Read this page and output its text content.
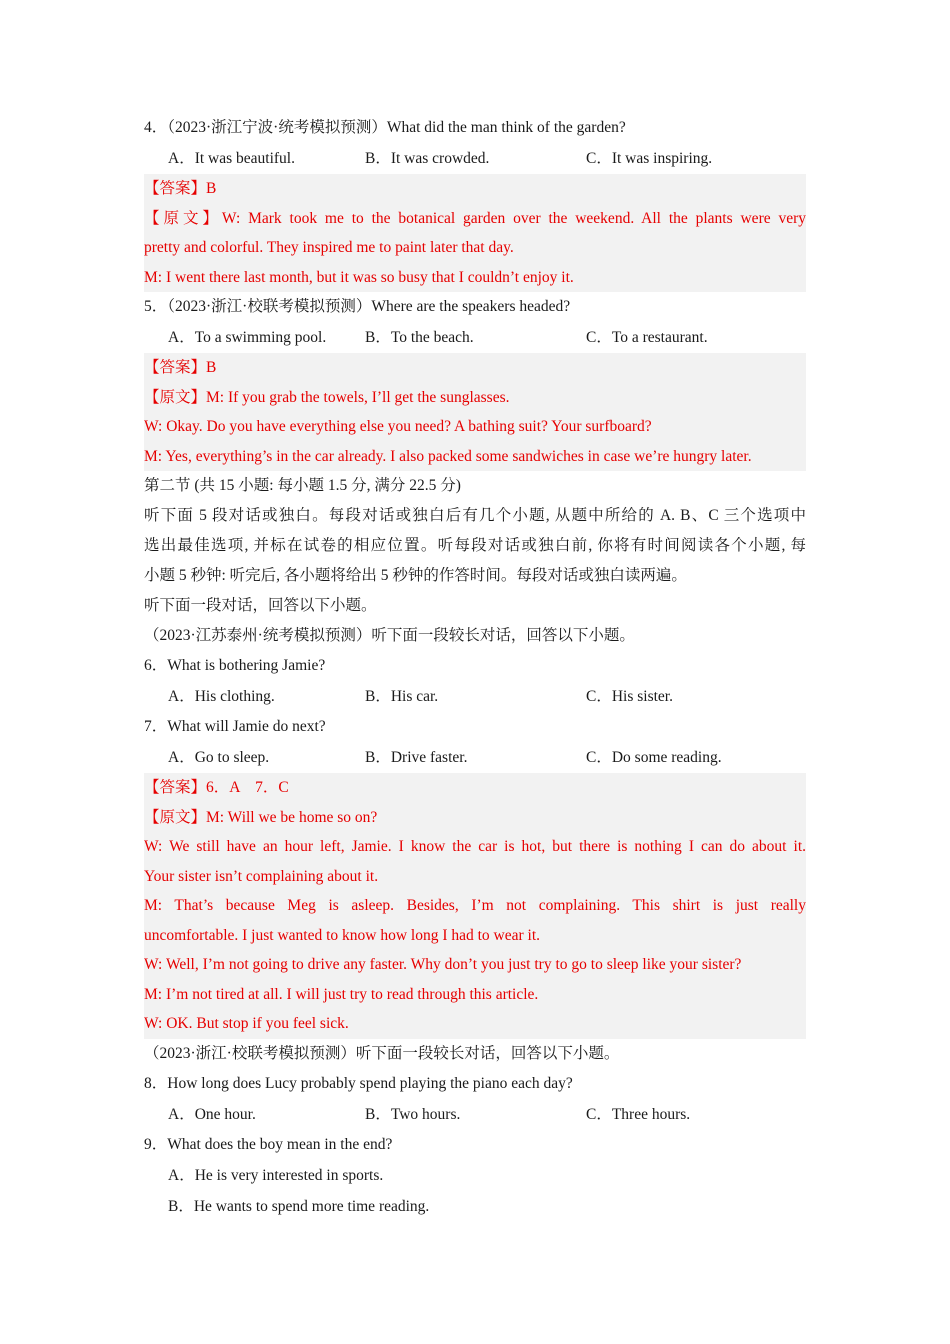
4．（2023·浙江宁波·统考模拟预测）What did the man think of the garden?
A．It was beautiful.	B．It was crowded.	C．It was inspiring.
【答案】B
【原文】W: Mark took me to the botanical garden over the weekend. All the plants were very
pretty and colorful. They inspired me to paint later that day.
M: I went there last month, but it was so busy that I couldn’t enjoy it.
5．（2023·浙江·校联考模拟预测）Where are the speakers headed?
A．To a swimming pool.	B．To the beach.	C．To a restaurant.
【答案】B
【原文】M: If you grab the towels, I’ll get the sunglasses.
W: Okay. Do you have everything else you need? A bathing suit? Your surfboard?
M: Yes, everything’s in the car already. I also packed some sandwiches in case we’re hungry later.
第二节 (共 15 小题: 每小题 1.5 分, 满分 22.5 分)
听下面 5 段对话或独白。每段对话或独白后有几个小题, 从题中所给的 A. B、C 三个选项中
选出最佳选项, 并标在试卷的相应位置。听每段对话或独白前, 你将有时间阅读各个小题, 每
小题 5 秒钟: 听完后, 各小题将给出 5 秒钟的作答时间。每段对话或独白读两遍。
听下面一段对话，回答以下小题。
（2023·江苏泰州·统考模拟预测）听下面一段较长对话，回答以下小题。
6．What is bothering Jamie?
A．His clothing.	B．His car.	C．His sister.
7．What will Jamie do next?
A．Go to sleep.	B．Drive faster.	C．Do some reading.
【答案】6．A　7．C
【原文】M: Will we be home so on?
W: We still have an hour left, Jamie. I know the car is hot, but there is nothing I can do about it.
Your sister isn’t complaining about it.
M: That’s because Meg is asleep. Besides, I’m not complaining. This shirt is just really
uncomfortable. I just wanted to know how long I had to wear it.
W: Well, I’m not going to drive any faster. Why don’t you just try to go to sleep like your sister?
M: I’m not tired at all. I will just try to read through this article.
W: OK. But stop if you feel sick.
（2023·浙江·校联考模拟预测）听下面一段较长对话，回答以下小题。
8．How long does Lucy probably spend playing the piano each day?
A．One hour.	B．Two hours.	C．Three hours.
9．What does the boy mean in the end?
A．He is very interested in sports.
B．He wants to spend more time reading.
